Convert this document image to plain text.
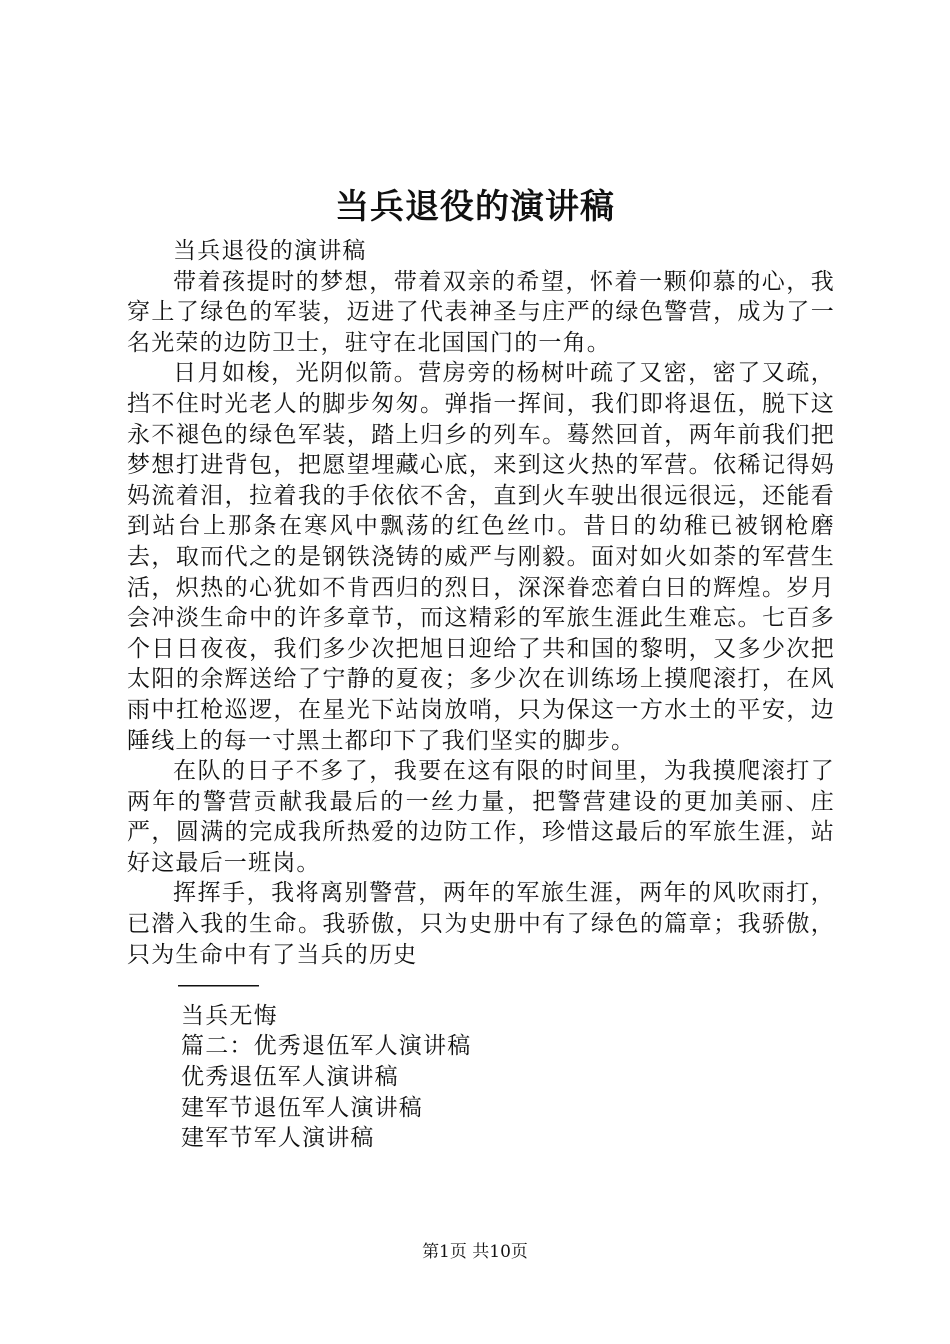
当兵退役的演讲稿

当兵退役的演讲稿

带着孩提时的梦想，带着双亲的希望，怀着一颗仰慕的心，我穿上了绿色的军装，迈进了代表神圣与庄严的绿色警营，成为了一名光荣的边防卫士，驻守在北国国门的一角。

日月如梭，光阴似箭。营房旁的杨树叶疏了又密，密了又疏，挡不住时光老人的脚步匆匆。弹指一挥间，我们即将退伍，脱下这永不褪色的绿色军装，踏上归乡的列车。蓦然回首，两年前我们把梦想打进背包，把愿望埋藏心底，来到这火热的军营。依稀记得妈妈流着泪，拉着我的手依依不舍，直到火车驶出很远很远，还能看到站台上那条在寒风中飘荡的红色丝巾。昔日的幼稚已被钢枪磨去，取而代之的是钢铁浇铸的威严与刚毅。面对如火如荼的军营生活，炽热的心犹如不肯西归的烈日，深深眷恋着白日的辉煌。岁月会冲淡生命中的许多章节，而这精彩的军旅生涯此生难忘。七百多个日日夜夜，我们多少次把旭日迎给了共和国的黎明，又多少次把太阳的余辉送给了宁静的夏夜；多少次在训练场上摸爬滚打，在风雨中扛枪巡逻，在星光下站岗放哨，只为保这一方水土的平安，边陲线上的每一寸黑土都印下了我们坚实的脚步。

在队的日子不多了，我要在这有限的时间里，为我摸爬滚打了两年的警营贡献我最后的一丝力量，把警营建设的更加美丽、庄严，圆满的完成我所热爱的边防工作，珍惜这最后的军旅生涯，站好这最后一班岗。

挥挥手，我将离别警营，两年的军旅生涯，两年的风吹雨打，已潜入我的生命。我骄傲，只为史册中有了绿色的篇章；我骄傲，只为生命中有了当兵的历史

————
当兵无悔
篇二：优秀退伍军人演讲稿
优秀退伍军人演讲稿
建军节退伍军人演讲稿
建军节军人演讲稿
第1页 共10页
